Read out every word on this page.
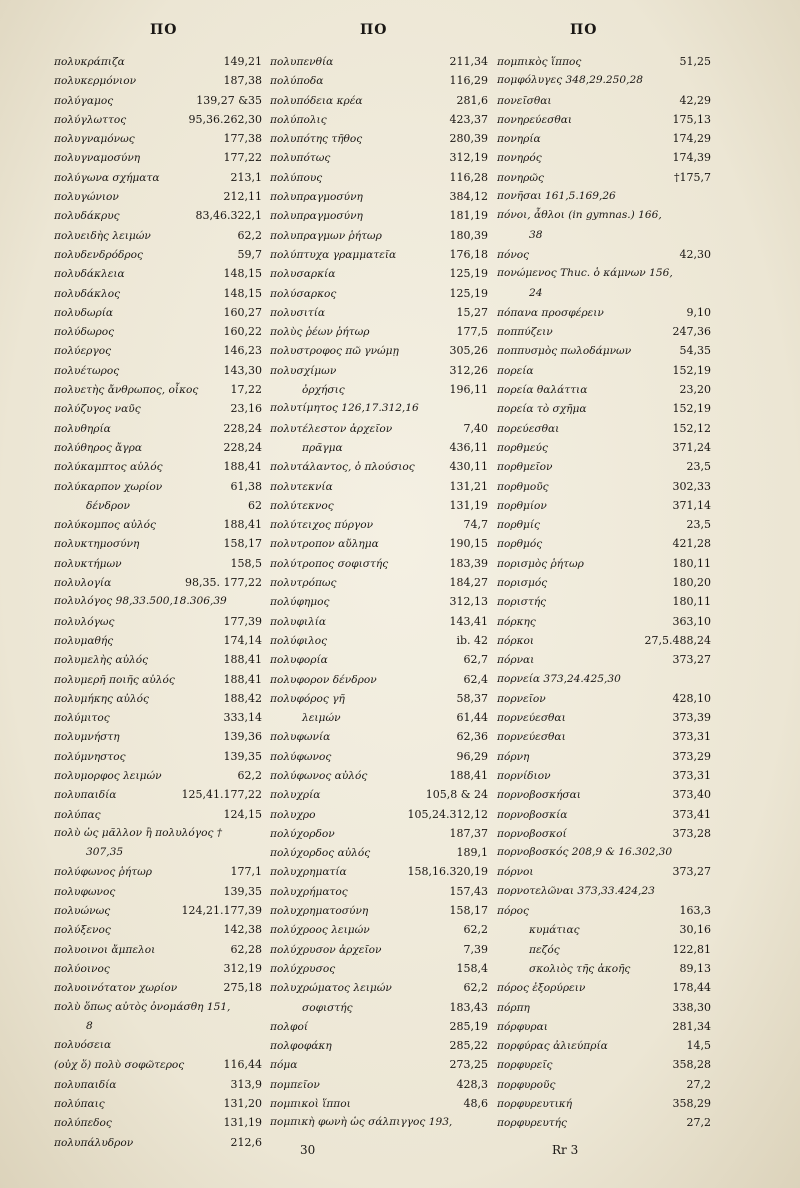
ΠΟ	ΠΟ	ΠΟ
πολυκράπιζα	149,21
πολυκερμόνιον	187,38
πολύγαμος	139,27 &35
πολύγλωττος	95,36.262,30
πολυγναμόνως	177,38
πολυγναμοσύνη	177,22
πολύγωνα σχήματα	213,1
πολυγώνιον	212,11
πολυδάκρυς	83,46.322,1
πολυειδὴς λειμών	62,2
πολυδενδρόδρος	59,7
πολυδάκλεια	148,15
πολυδάκλος	148,15
πολυδωρία	160,27
πολύδωρος	160,22
πολύεργος	146,23
πολυέτωρος	143,30
πολυετὴς ἄνθρωπος, οἶκος	17,22
πολύζυγος ναῦς	23,16
πολυθηρία	228,24
πολύθηρος ἄγρα	228,24
πολύκαμπτος αὐλός	188,41
πολύκαρπον χωρίον	61,38
δένδρον	62
πολύκομπος αὐλός	188,41
πολυκτημοσύνη	158,17
πολυκτήμων	158,5
πολυλογία	98,35. 177,22
πολυλόγος 98,33.500,18.306,39
πολυλόγως	177,39
πολυμαθής	174,14
πολυμελὴς αὐλός	188,41
πολυμερῆ ποιῆς αὐλός	188,41
πολυμήκης αὐλός	188,42
πολύμιτος	333,14
πολυμνήστη	139,36
πολύμνηστος	139,35
πολυμορφος λειμών	62,2
πολυπαιδία	125,41.177,22
πολύπας	124,15
πολὺ ὡς μᾶλλον ἢ πολυλόγος †
307,35
πολύφωνος ῥήτωρ	177,1
πολυφωνος	139,35
πολυώνως	124,21.177,39
πολύξενος	142,38
πολυοινοι ἄμπελοι	62,28
πολύοινος	312,19
πολυοινότατον χωρίον	275,18
πολὺ ὅπως αὐτὸς ὀνομάσθη 151,
8
πολυόσεια
(οὐχ ὅ) πολὺ σοφῶτερος	116,44
πολυπαιδία	313,9
πολύπαις	131,20
πολύπεδος	131,19
πολυπάλυδρον	212,6
πολυπενθία	211,34
πολύποδα	116,29
πολυπόδεια κρέα	281,6
πολύπολις	423,37
πολυπότης τῆθος	280,39
πολυπότως	312,19
πολύπους	116,28
πολυπραγμοσύνη	384,12
πολυπραγμοσύνη	181,19
πολυπραγμων ῥήτωρ	180,39
πολύπτυχα γραμματεῖα	176,18
πολυσαρκία	125,19
πολύσαρκος	125,19
πολυσιτία	15,27
πολὺς ῥέων ῥήτωρ	177,5
πολυστροφος πῶ γνώμῃ	305,26
πολυσχίμων	312,26
ὀρχήσις	196,11
πολυτίμητος 126,17.312,16
πολυτέλεστον ἀρχεῖον	7,40
πρᾶγμα	436,11
πολυτάλαντος, ὁ πλούσιος	430,11
πολυτεκνία	131,21
πολύτεκνος	131,19
πολύτειχος πύργον	74,7
πολυτροπον αὔλημα	190,15
πολύτροπος σοφιστής	183,39
πολυτρόπως	184,27
πολύφημος	312,13
πολυφιλία	143,41
πολύφιλος	ib. 42
πολυφορία	62,7
πολυφορον δένδρον	62,4
πολυφόρος γῆ	58,37
λειμών	61,44
πολυφωνία	62,36
πολύφωνος	96,29
πολύφωνος αὐλός	188,41
πολυχρία	105,8 & 24
πολυχρο	105,24.312,12
πολύχορδον	187,37
πολύχορδος αὐλός	189,1
πολυχρηματία	158,16.320,19
πολυχρήματος	157,43
πολυχρηματοσύνη	158,17
πολύχροος λειμών	62,2
πολύχρυσον ἀρχεῖον	7,39
πολύχρυσος	158,4
πολυχρώματος λειμών	62,2
σοφιστής	183,43
πολφοί	285,19
πολφοφάκη	285,22
πόμα	273,25
πομπεῖον	428,3
πομπικοὶ ἵπποι	48,6
πομπικὴ φωνὴ ὡς σάλπιγγος 193,
πομπικὸς ἵππος	51,25
πομφόλυγες 348,29.250,28
πονεῖσθαι	42,29
πονηρεύεσθαι	175,13
πονηρία	174,29
πονηρός	174,39
πονηρῶς	†175,7
πονῆσαι 161,5.169,26
πόνοι, ἆθλοι (in gymnas.) 166,
38
πόνος	42,30
πονώμενος Thuc. ὁ κάμνων 156,
24
πόπανα προσφέρειν	9,10
ποππύζειν	247,36
ποππυσμὸς πωλοδάμνων	54,35
πορεία	152,19
πορεία θαλάττια	23,20
πορεία τὸ σχῆμα	152,19
πορεύεσθαι	152,12
πορθμεύς	371,24
πορθμεῖον	23,5
πορθμοῦς	302,33
πορθμίον	371,14
πορθμίς	23,5
πορθμός	421,28
πορισμὸς ῥήτωρ	180,11
πορισμός	180,20
ποριστής	180,11
πόρκης	363,10
πόρκοι	27,5.488,24
πόρναι	373,27
πορνεία 373,24.425,30
πορνεῖον	428,10
πορνεύεσθαι	373,39
πορνεύεσθαι	373,31
πόρνη	373,29
πορνίδιον	373,31
πορνοβοσκήσαι	373,40
πορνοβοσκία	373,41
πορνοβοσκοί	373,28
πορνοβοσκός 208,9 & 16.302,30
πόρνοι	373,27
πορνοτελῶναι 373,33.424,23
πόρος	163,3
κυμάτιας	30,16
πεζός	122,81
σκολιὸς τῆς ἀκοῆς	89,13
πόρος ἐξορύρειν	178,44
πόρπη	338,30
πόρφυραι	281,34
πορφύρας ἀλιεύπρία	14,5
πορφυρεῖς	358,28
πορφυροῦς	27,2
πορφυρευτική	358,29
πορφυρευτής	27,2
30	Rr 3
